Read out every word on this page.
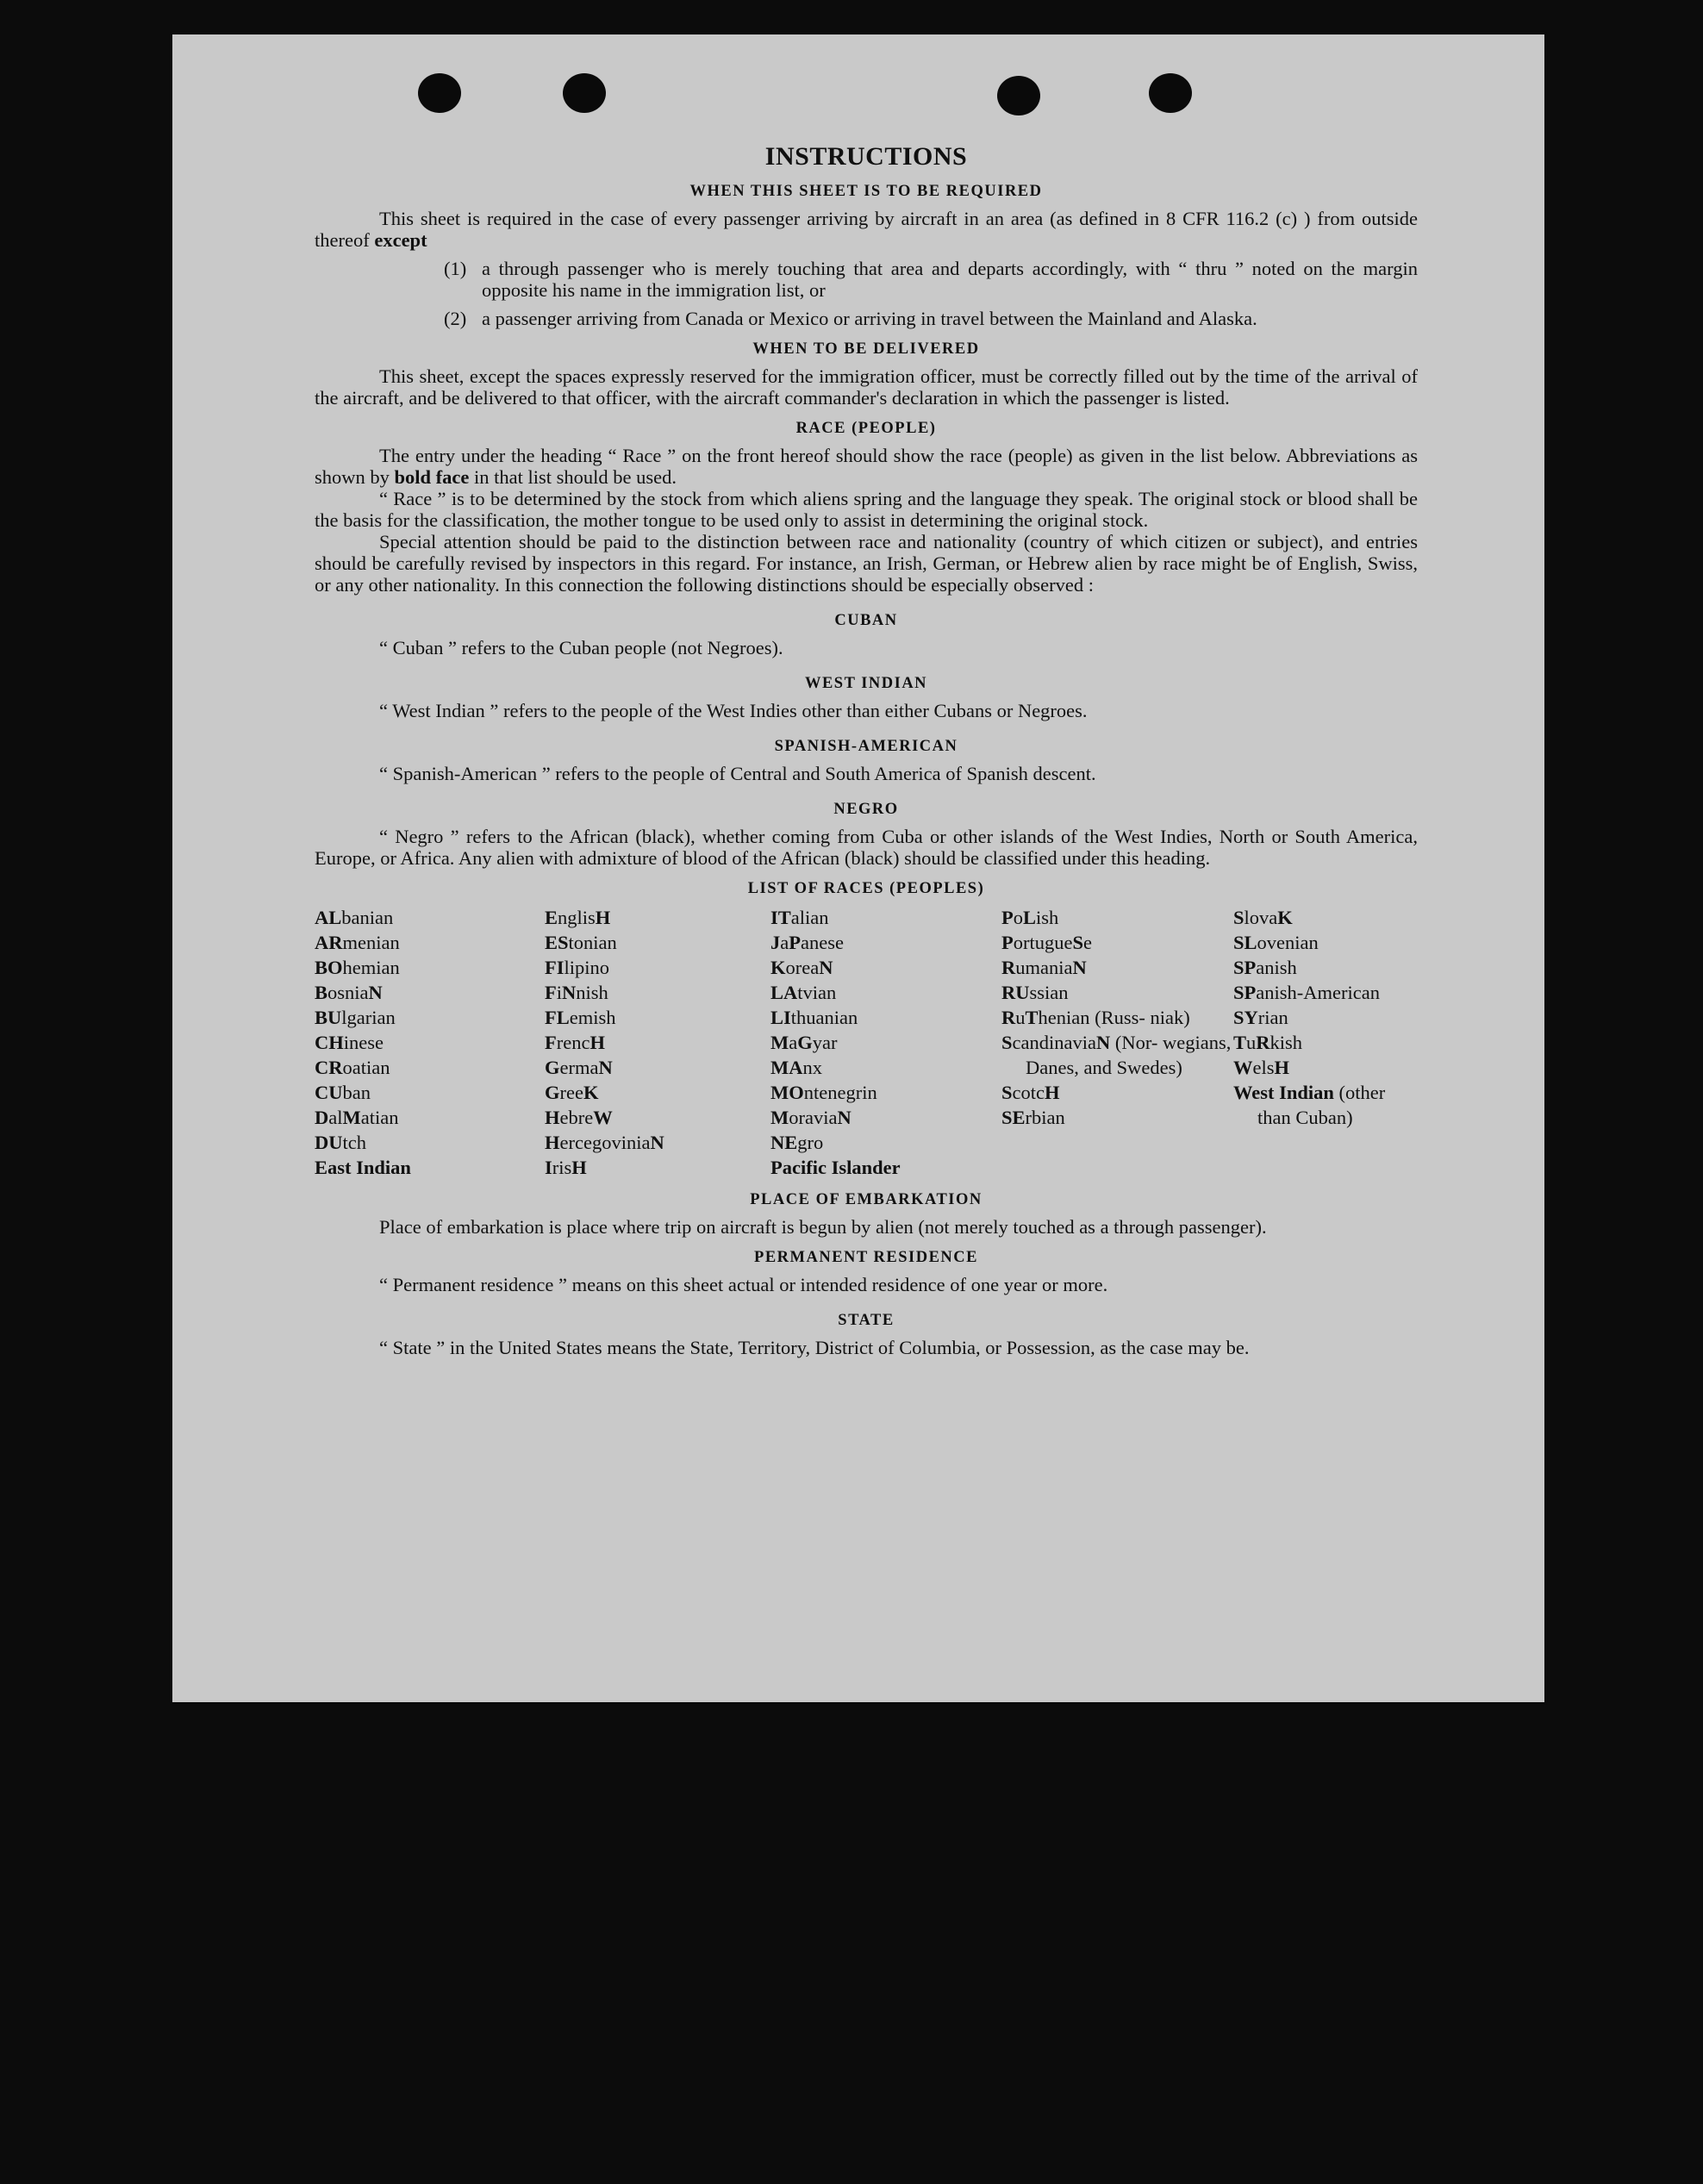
INSTRUCTIONS
WHEN THIS SHEET IS TO BE REQUIRED

This sheet is required in the case of every passenger arriving by aircraft in an area (as defined in 8 CFR 116.2 (c) ) from outside thereof except

(1) a through passenger who is merely touching that area and departs accordingly, with “ thru ” noted on the margin opposite his name in the immigration list, or
(2) a passenger arriving from Canada or Mexico or arriving in travel between the Mainland and Alaska.
WHEN TO BE DELIVERED

This sheet, except the spaces expressly reserved for the immigration officer, must be correctly filled out by the time of the arrival of the aircraft, and be delivered to that officer, with the aircraft commander's declaration in which the passenger is listed.

RACE (PEOPLE)

The entry under the heading “ Race ” on the front hereof should show the race (people) as given in the list below. Abbreviations as shown by bold face in that list should be used.

“ Race ” is to be determined by the stock from which aliens spring and the language they speak. The original stock or blood shall be the basis for the classification, the mother tongue to be used only to assist in determining the original stock.

Special attention should be paid to the distinction between race and nationality (country of which citizen or subject), and entries should be carefully revised by inspectors in this regard. For instance, an Irish, German, or Hebrew alien by race might be of English, Swiss, or any other nationality. In this connection the following distinctions should be especially observed :

CUBAN

“ Cuban ” refers to the Cuban people (not Negroes).

WEST INDIAN

“ West Indian ” refers to the people of the West Indies other than either Cubans or Negroes.

SPANISH-AMERICAN

“ Spanish-American ” refers to the people of Central and South America of Spanish descent.

NEGRO

“ Negro ” refers to the African (black), whether coming from Cuba or other islands of the West Indies, North or South America, Europe, or Africa. Any alien with admixture of blood of the African (black) should be classified under this heading.

LIST OF RACES (PEOPLES)
ALbanian
ARmenian
BOhemian
BosniaN
BUlgarian
CHinese
CRoatian
CUban
DalMatian
DUtch
East Indian
EnglisH
EStonian
FIlipino
FiNnish
FLemish
FrencH
GermaN
GreeK
HebreW
HercegoviniaN
IrisH
ITalian
JaPanese
KoreaN
LAtvian
LIthuanian
MaGyar
MAnx
MOntenegrin
MoraviaN
NEgro
Pacific Islander
PoLish
PortugueSe
RumaniaN
RUssian
RuThenian (Russ- niak)
ScandinaviaN (Nor- wegians, Danes, and Swedes)
ScotcH
SErbian
SlovaK
SLovenian
SPanish
SPanish-American
SYrian
TuRkish
WelsH
West Indian (other than Cuban)
PLACE OF EMBARKATION

Place of embarkation is place where trip on aircraft is begun by alien (not merely touched as a through passenger).

PERMANENT RESIDENCE

“ Permanent residence ” means on this sheet actual or intended residence of one year or more.

STATE

“ State ” in the United States means the State, Territory, District of Columbia, or Possession, as the case may be.
